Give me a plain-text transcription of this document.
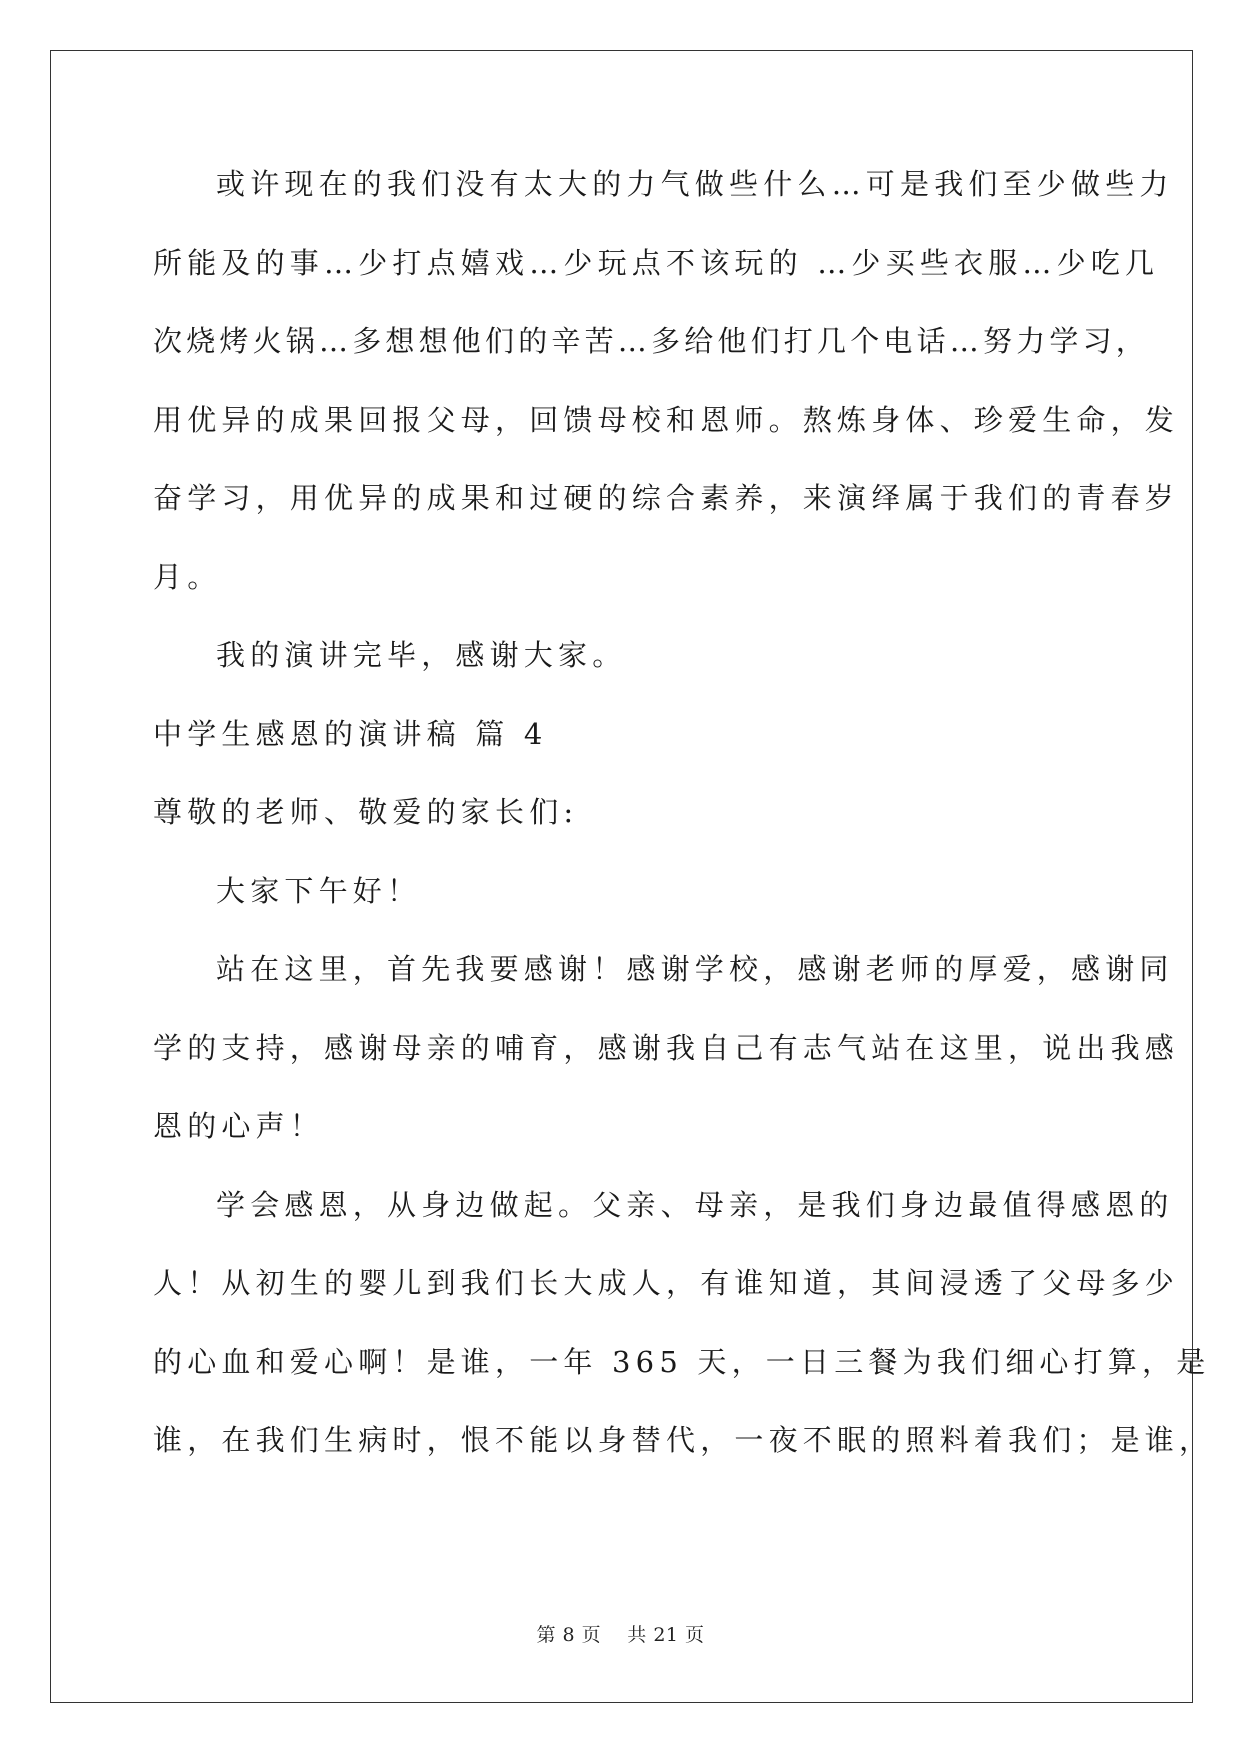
或许现在的我们没有太大的力气做些什么…可是我们至少做些力
所能及的事…少打点嬉戏…少玩点不该玩的 …少买些衣服…少吃几
次烧烤火锅…多想想他们的辛苦…多给他们打几个电话…努力学习，
用优异的成果回报父母，回馈母校和恩师。熬炼身体、珍爱生命，发
奋学习，用优异的成果和过硬的综合素养，来演绎属于我们的青春岁
月。
我的演讲完毕，感谢大家。
中学生感恩的演讲稿 篇 4
尊敬的老师、敬爱的家长们:
大家下午好！
站在这里，首先我要感谢！感谢学校，感谢老师的厚爱，感谢同
学的支持，感谢母亲的哺育，感谢我自己有志气站在这里，说出我感
恩的心声！
学会感恩，从身边做起。父亲、母亲，是我们身边最值得感恩的
人！从初生的婴儿到我们长大成人，有谁知道，其间浸透了父母多少
的心血和爱心啊！是谁，一年 365 天，一日三餐为我们细心打算，是
谁，在我们生病时，恨不能以身替代，一夜不眠的照料着我们；是谁，
第 8 页 共 21 页
